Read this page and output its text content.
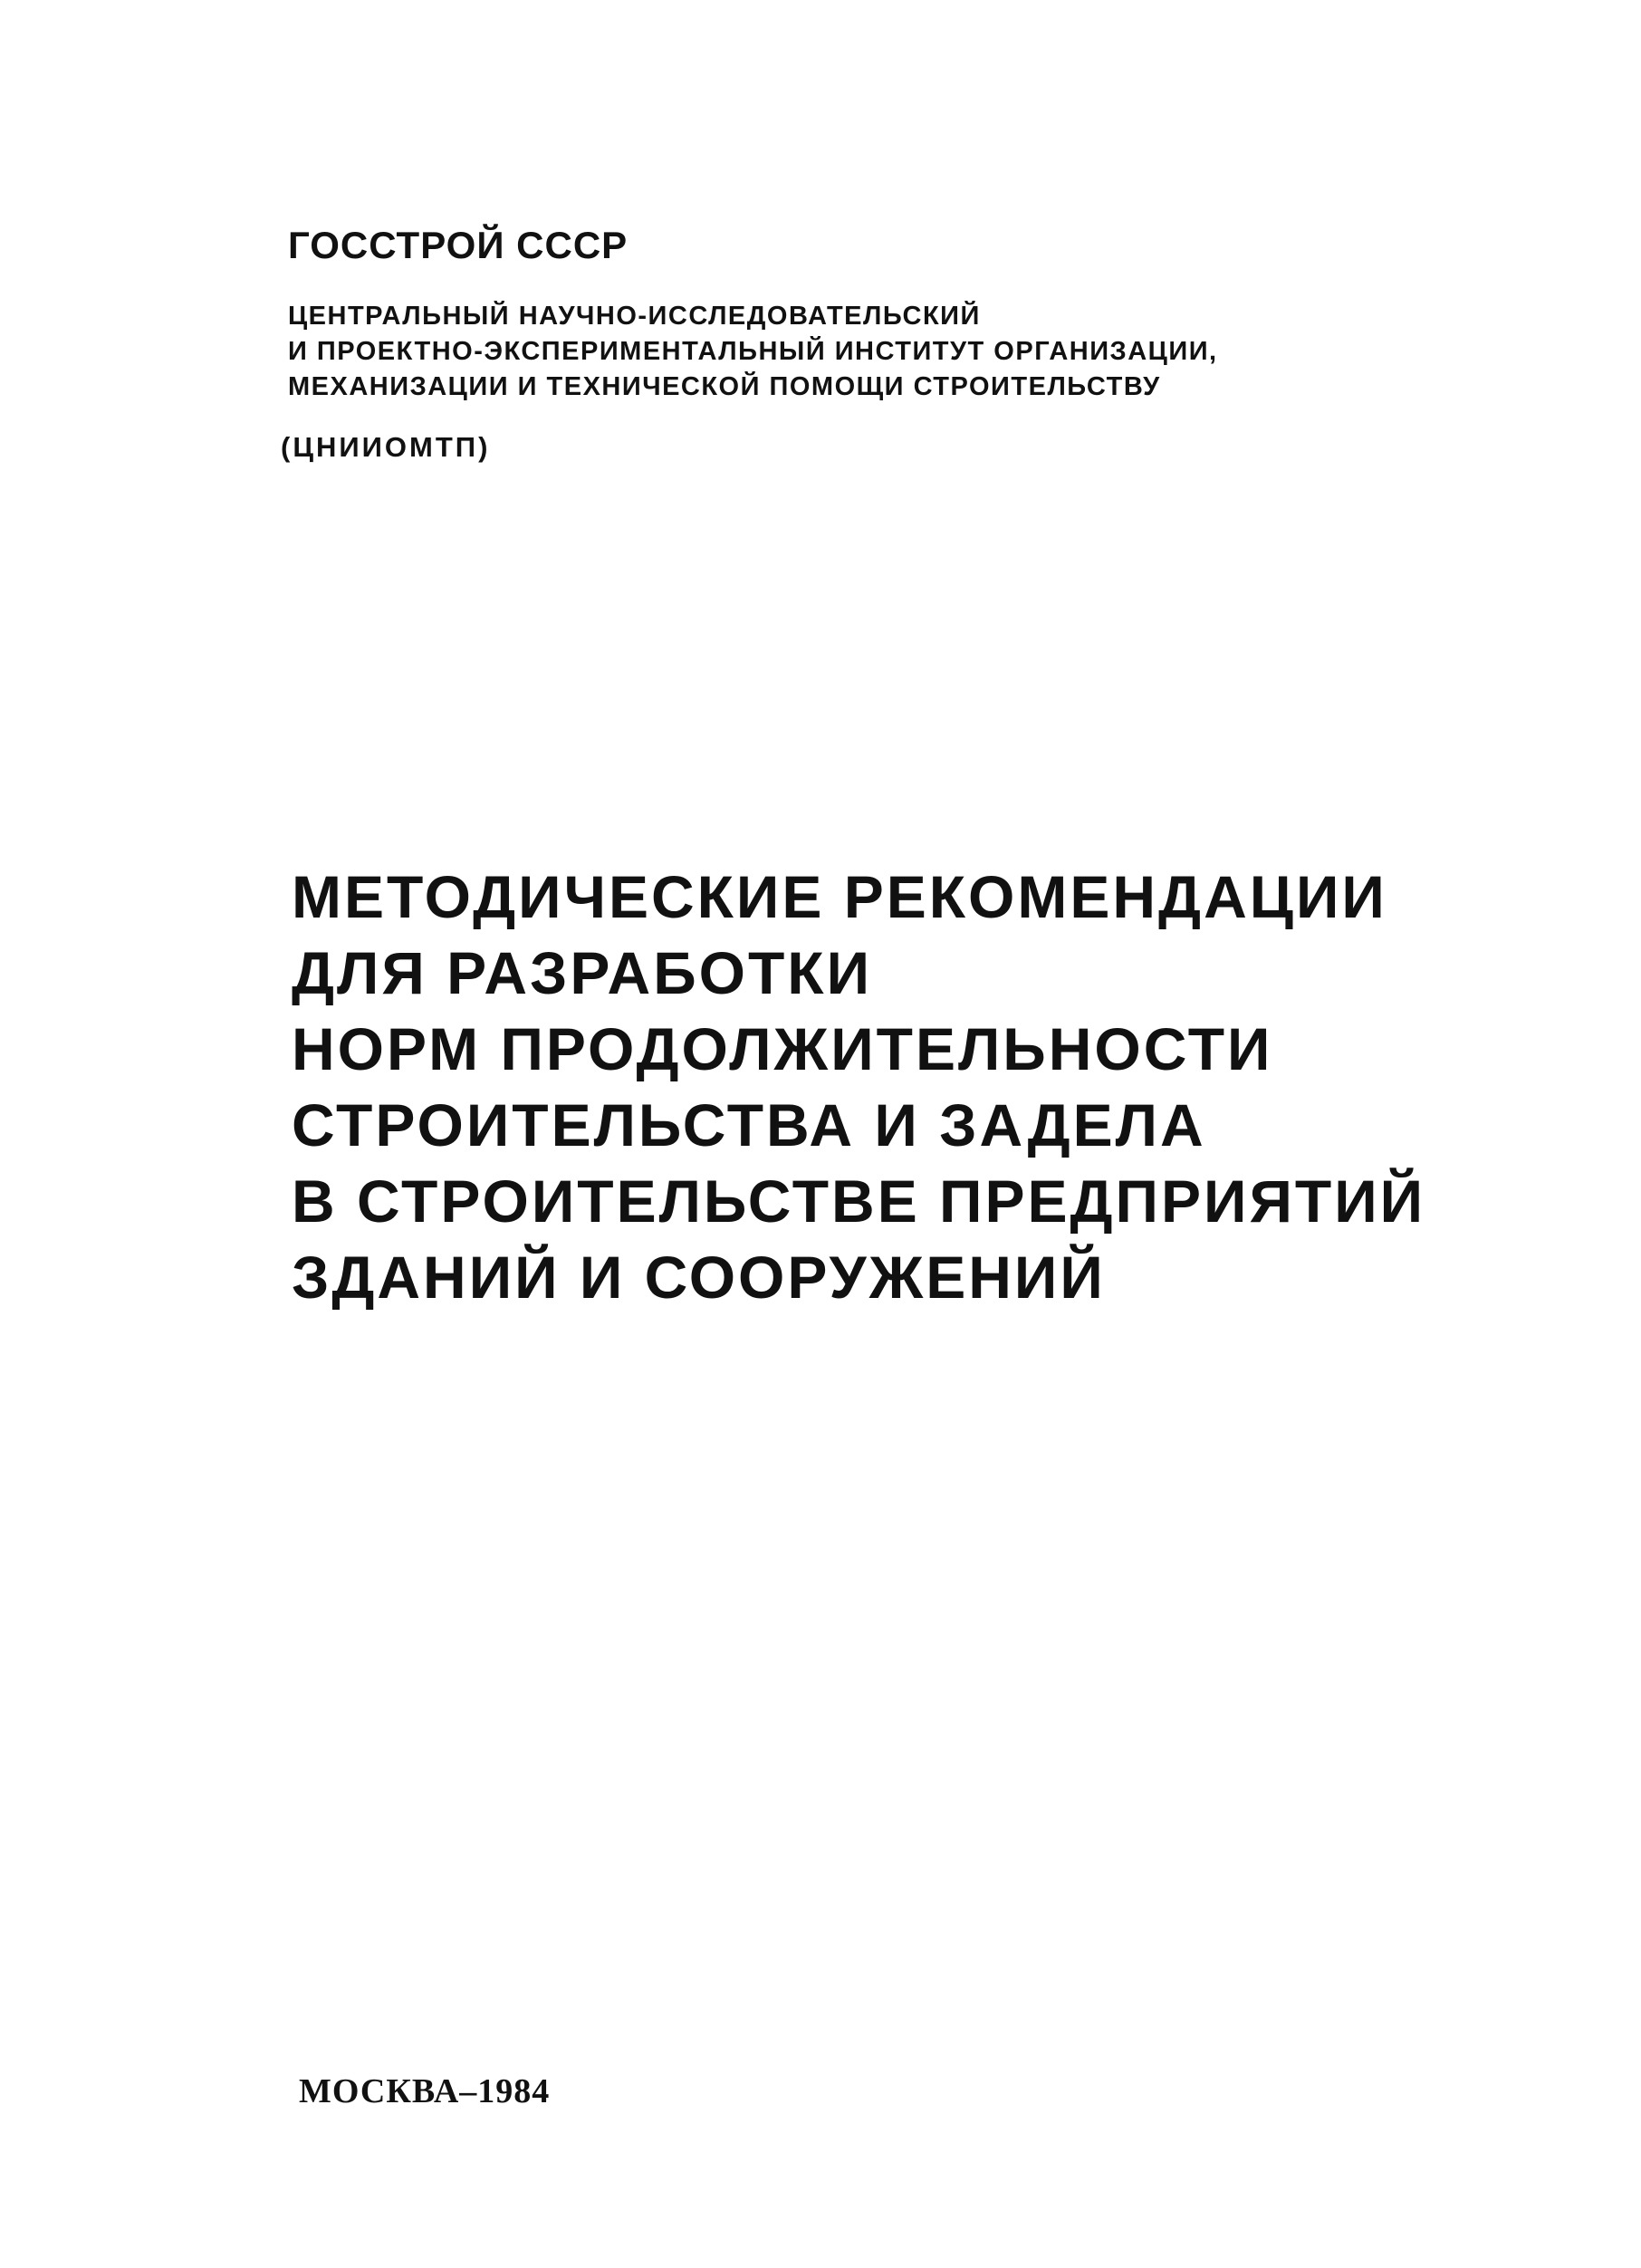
ГОССТРОЙ СССР
ЦЕНТРАЛЬНЫЙ НАУЧНО-ИССЛЕДОВАТЕЛЬСКИЙ
И ПРОЕКТНО-ЭКСПЕРИМЕНТАЛЬНЫЙ ИНСТИТУТ ОРГАНИЗАЦИИ,
МЕХАНИЗАЦИИ И ТЕХНИЧЕСКОЙ ПОМОЩИ СТРОИТЕЛЬСТВУ
(ЦНИИОМТП)
МЕТОДИЧЕСКИЕ РЕКОМЕНДАЦИИ
ДЛЯ РАЗРАБОТКИ
НОРМ ПРОДОЛЖИТЕЛЬНОСТИ
СТРОИТЕЛЬСТВА И ЗАДЕЛА
В СТРОИТЕЛЬСТВЕ ПРЕДПРИЯТИЙ
ЗДАНИЙ И СООРУЖЕНИЙ
МОСКВА–1984
